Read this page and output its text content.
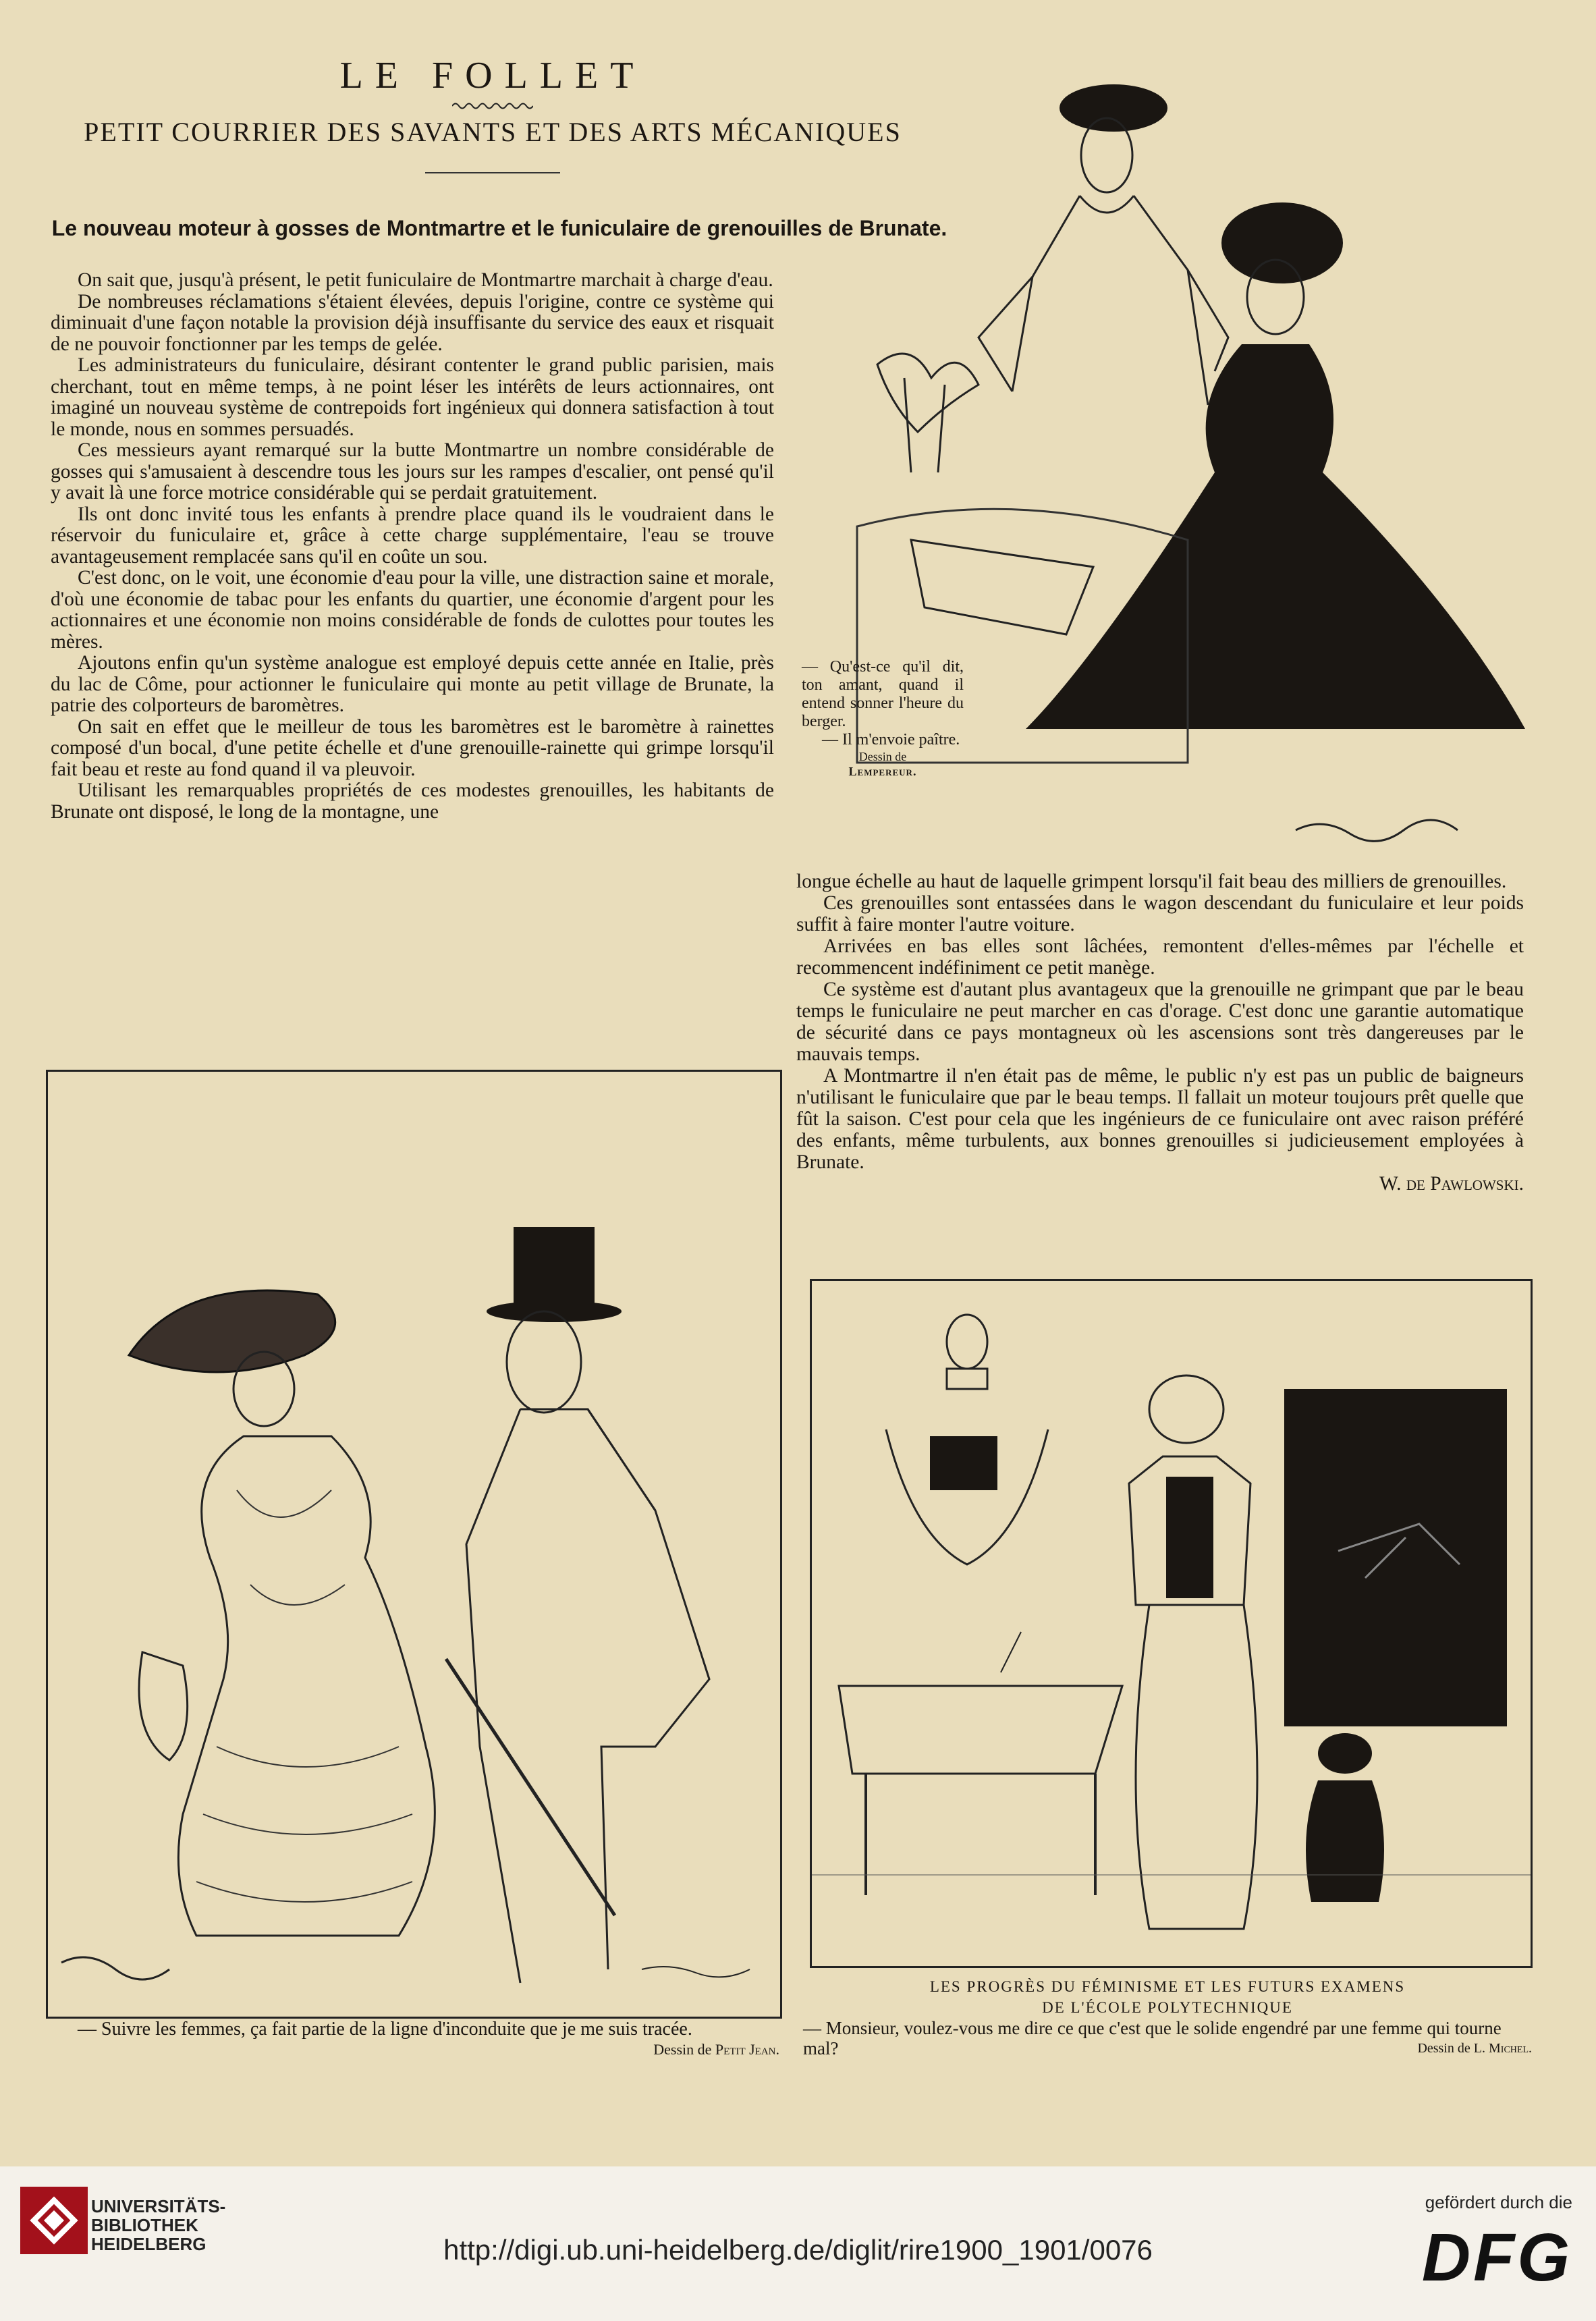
LE FOLLET
PETIT COURRIER DES SAVANTS ET DES ARTS MÉCANIQUES
Le nouveau moteur à gosses de Montmartre et le funiculaire de grenouilles de Brunate.

On sait que, jusqu'à présent, le petit funiculaire de Montmartre marchait à charge d'eau.

De nombreuses réclamations s'étaient élevées, depuis l'origine, contre ce système qui diminuait d'une façon notable la provision déjà insuffisante du service des eaux et risquait de ne pouvoir fonctionner par les temps de gelée.

Les administrateurs du funiculaire, désirant contenter le grand public parisien, mais cherchant, tout en même temps, à ne point léser les intérêts de leurs actionnaires, ont imaginé un nouveau système de contrepoids fort ingénieux qui donnera satisfaction à tout le monde, nous en sommes persuadés.

Ces messieurs ayant remarqué sur la butte Montmartre un nombre considérable de gosses qui s'amusaient à descendre tous les jours sur les rampes d'escalier, ont pensé qu'il y avait là une force motrice considérable qui se perdait gratuitement.

Ils ont donc invité tous les enfants à prendre place quand ils le voudraient dans le réservoir du funiculaire et, grâce à cette charge supplémentaire, l'eau se trouve avantageusement remplacée sans qu'il en coûte un sou.

C'est donc, on le voit, une économie d'eau pour la ville, une distraction saine et morale, d'où une économie de tabac pour les enfants du quartier, une économie d'argent pour les actionnaires et une économie non moins considérable de fonds de culottes pour toutes les mères.

Ajoutons enfin qu'un système analogue est employé depuis cette année en Italie, près du lac de Côme, pour actionner le funiculaire qui monte au petit village de Brunate, la patrie des colporteurs de baromètres.

On sait en effet que le meilleur de tous les baromètres est le baromètre à rainettes composé d'un bocal, d'une petite échelle et d'une grenouille-rainette qui grimpe lorsqu'il fait beau et reste au fond quand il va pleuvoir.

Utilisant les remarquables propriétés de ces modestes grenouilles, les habitants de Brunate ont disposé, le long de la montagne, une

— Qu'est-ce qu'il dit, ton amant, quand il entend sonner l'heure du berger.
— Il m'envoie paître.
Dessin de
Lempereur.

longue échelle au haut de laquelle grimpent lorsqu'il fait beau des milliers de grenouilles.

Ces grenouilles sont entassées dans le wagon descendant du funiculaire et leur poids suffit à faire monter l'autre voiture.

Arrivées en bas elles sont lâchées, remontent d'elles-mêmes par l'échelle et recommencent indéfiniment ce petit manège.

Ce système est d'autant plus avantageux que la grenouille ne grimpant que par le beau temps le funiculaire ne peut marcher en cas d'orage. C'est donc une garantie automatique de sécurité dans ce pays montagneux où les ascensions sont très dangereuses par le mauvais temps.

A Montmartre il n'en était pas de même, le public n'y est pas un public de baigneurs n'utilisant le funiculaire que par le beau temps. Il fallait un moteur toujours prêt quelle que fût la saison. C'est pour cela que les ingénieurs de ce funiculaire ont avec raison préféré des enfants, même turbulents, aux bonnes grenouilles si judicieusement employées à Brunate.

W. de Pawlowski.
— Suivre les femmes, ça fait partie de la ligne d'inconduite que je me suis tracée.
Dessin de Petit Jean.
LES PROGRÈS DU FÉMINISME ET LES FUTURS EXAMENS
DE L'ÉCOLE POLYTECHNIQUE
— Monsieur, voulez-vous me dire ce que c'est que le solide engendré par une femme qui tourne mal?	Dessin de L. Michel.
UNIVERSITÄTS-
BIBLIOTHEK
HEIDELBERG	http://digi.ub.uni-heidelberg.de/diglit/rire1900_1901/0076
gefördert durch die
DFG
